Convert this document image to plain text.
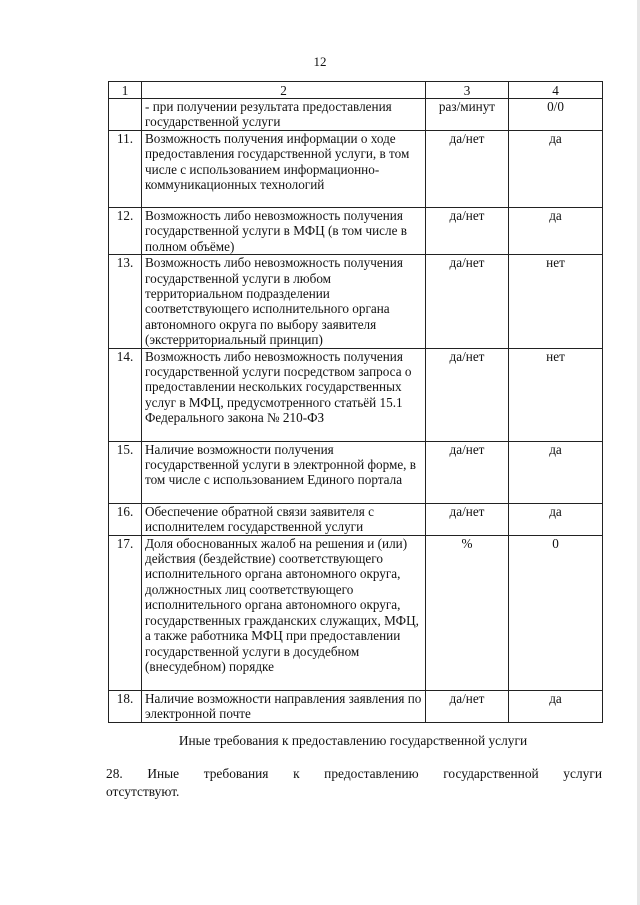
12
1	2	3	4
	- при получении результата предоставления государственной услуги	раз/минут	0/0
11.	Возможность получения информации о ходе предоставления государственной услуги, в том числе с использованием информационно-коммуникационных технологий	да/нет	да
12.	Возможность либо невозможность получения государственной услуги в МФЦ (в том числе в полном объёме)	да/нет	да
13.	Возможность либо невозможность получения государственной услуги в любом территориальном подразделении соответствующего исполнительного органа автономного округа по выбору заявителя (экстерриториальный принцип)	да/нет	нет
14.	Возможность либо невозможность получения государственной услуги посредством запроса о предоставлении нескольких государственных услуг в МФЦ, предусмотренного статьёй 15.1 Федерального закона № 210-ФЗ	да/нет	нет
15.	Наличие возможности получения государственной услуги в электронной форме, в том числе с использованием Единого портала	да/нет	да
16.	Обеспечение обратной связи заявителя с исполнителем государственной услуги	да/нет	да
17.	Доля обоснованных жалоб на решения и (или) действия (бездействие) соответствующего исполнительного органа автономного округа, должностных лиц соответствующего исполнительного органа автономного округа, государственных гражданских служащих, МФЦ, а также работника МФЦ при предоставлении государственной услуги в досудебном (внесудебном) порядке	%	0
18.	Наличие возможности направления заявления по электронной почте	да/нет	да
Иные требования к предоставлению государственной услуги
28. Иные требования к предоставлению государственной услуги
отсутствуют.
